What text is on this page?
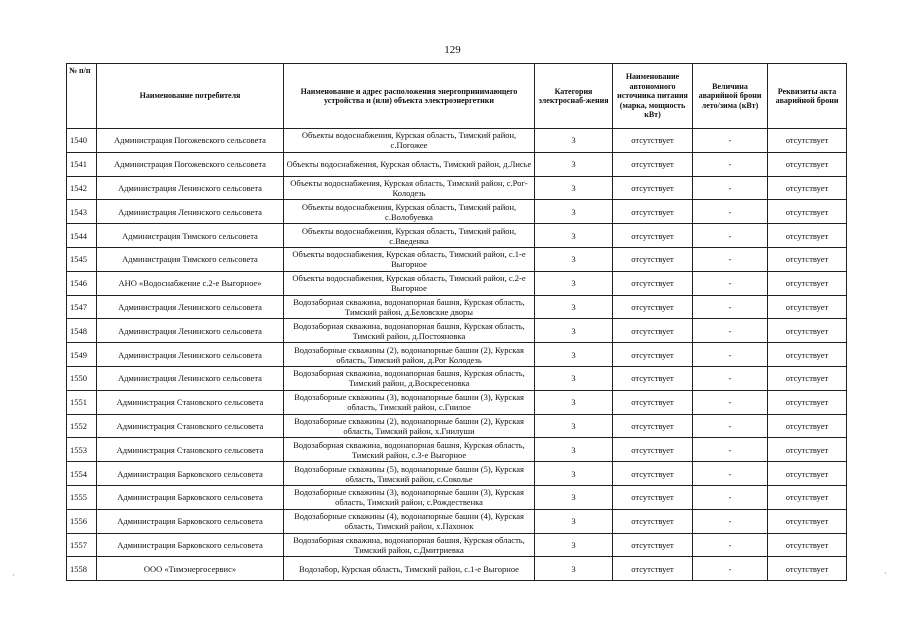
129
№ п/п	Наименование потребителя	Наименование и адрес расположения энергопринимающего устройства и (или) объекта электроэнергетики	Категория электроснаб-жения	Наименование автономного источника питания (марка, мощность кВт)	Величина аварийной брони лето/зима (кВт)	Реквизиты акта аварийной брони
1540	Администрация Погожевского сельсовета	Объекты водоснабжения, Курская область, Тимский район, с.Погожее	3	отсутствует	-	отсутствует
1541	Администрация Погожевского сельсовета	Объекты водоснабжения, Курская область, Тимский район, д.Лисье	3	отсутствует	-	отсутствует
1542	Администрация Ленинского сельсовета	Объекты водоснабжения, Курская область, Тимский район, с.Рог-Колодезь	3	отсутствует	-	отсутствует
1543	Администрация Ленинского сельсовета	Объекты водоснабжения, Курская область, Тимский район, с.Волобуевка	3	отсутствует	-	отсутствует
1544	Администрация Тимского сельсовета	Объекты водоснабжения, Курская область, Тимский район, с.Введенка	3	отсутствует	-	отсутствует
1545	Администрация Тимского сельсовета	Объекты водоснабжения, Курская область, Тимский район, с.1-е Выгорное	3	отсутствует	-	отсутствует
1546	АНО «Водоснабжение с.2-е Выгорное»	Объекты водоснабжения, Курская область, Тимский район, с.2-е Выгорное	3	отсутствует	-	отсутствует
1547	Администрация Ленинского сельсовета	Водозаборная скважина, водонапорная башня, Курская область, Тимский район, д.Беловские дворы	3	отсутствует	-	отсутствует
1548	Администрация Ленинского сельсовета	Водозаборная скважина, водонапорная башня, Курская область, Тимский район, д.Постояновка	3	отсутствует	-	отсутствует
1549	Администрация Ленинского сельсовета	Водозаборные скважины (2), водонапорные башни (2), Курская область, Тимский район, д.Рог Колодезь	3	отсутствует	-	отсутствует
1550	Администрация Ленинского сельсовета	Водозаборная скважина, водонапорная башня, Курская область, Тимский район, д.Воскресеновка	3	отсутствует	-	отсутствует
1551	Администрация Становского сельсовета	Водозаборные скважины (3), водонапорные башни (3), Курская область, Тимский район, с.Гнилое	3	отсутствует	-	отсутствует
1552	Администрация Становского сельсовета	Водозаборные скважины (2), водонапорные башни (2), Курская область, Тимский район, х.Гнилуши	3	отсутствует	-	отсутствует
1553	Администрация Становского сельсовета	Водозаборная скважина, водонапорная башня, Курская область, Тимский район, с.3-е Выгорное	3	отсутствует	-	отсутствует
1554	Администрация Барковского сельсовета	Водозаборные скважины (5), водонапорные башни (5), Курская область, Тимский район, с.Соколье	3	отсутствует	-	отсутствует
1555	Администрация Барковского сельсовета	Водозаборные скважины (3), водонапорные башни (3), Курская область, Тимский район, с.Рождественка	3	отсутствует	-	отсутствует
1556	Администрация Барковского сельсовета	Водозаборные скважины (4), водонапорные башни (4), Курская область, Тимский район, х.Пахонок	3	отсутствует	-	отсутствует
1557	Администрация Барковского сельсовета	Водозаборная скважина, водонапорная башня, Курская область, Тимский район, с.Дмитриевка	3	отсутствует	-	отсутствует
1558	ООО «Тимэнергосервис»	Водозабор, Курская область, Тимский район, с.1-е Выгорное	3	отсутствует	-	отсутствует
·	·
